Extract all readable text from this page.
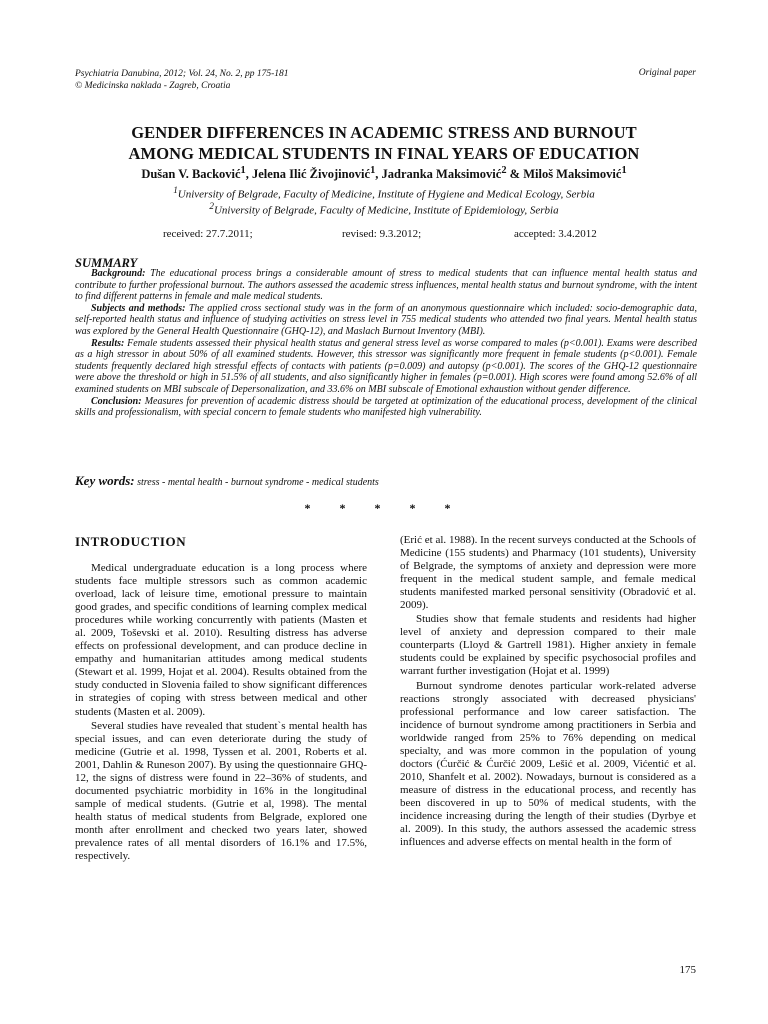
Psychiatria Danubina, 2012; Vol. 24, No. 2, pp 175-181
© Medicinska naklada - Zagreb, Croatia
Original paper
GENDER DIFFERENCES IN ACADEMIC STRESS AND BURNOUT
AMONG MEDICAL STUDENTS IN FINAL YEARS OF EDUCATION
Dušan V. Backović$^1$, Jelena Ilić Živojinović$^1$, Jadranka Maksimović$^2$ & Miloš Maksimović$^1$
$^1$University of Belgrade, Faculty of Medicine, Institute of Hygiene and Medical Ecology, Serbia
$^2$University of Belgrade, Faculty of Medicine, Institute of Epidemiology, Serbia
received: 27.7.2011;	revised: 9.3.2012;	accepted: 3.4.2012
SUMMARY

Background: The educational process brings a considerable amount of stress to medical students that can influence mental health status and contribute to further professional burnout. The authors assessed the academic stress influences, mental health status and burnout syndrome, with the intent to find different patterns in female and male medical students.

Subjects and methods: The applied cross sectional study was in the form of an anonymous questionnaire which included: socio-demographic data, self-reported health status and influence of studying activities on stress level in 755 medical students who attended two final years. Mental health status was explored by the General Health Questionnaire (GHQ-12), and Maslach Burnout Inventory (MBI).

Results: Female students assessed their physical health status and general stress level as worse compared to males (p<0.001). Exams were described as a high stressor in about 50% of all examined students. However, this stressor was significantly more frequent in female students (p<0.001). Female students frequently declared high stressful effects of contacts with patients (p=0.009) and autopsy (p<0.001). The scores of the GHQ-12 questionnaire were above the threshold or high in 51.5% of all students, and also significantly higher in females (p=0.001). High scores were found among 52.6% of all examined students on MBI subscale of Depersonalization, and 33.6% on MBI subscale of Emotional exhaustion without gender difference.

Conclusion: Measures for prevention of academic distress should be targeted at optimization of the educational process, development of the clinical skills and professionalism, with special concern to female students who manifested high vulnerability.

Key words: stress - mental health - burnout syndrome - medical students
* * * * *
INTRODUCTION

Medical undergraduate education is a long process where students face multiple stressors such as common academic overload, lack of leisure time, emotional pressure to maintain good grades, and specific conditions of learning complex medical procedures while working concurrently with patients (Masten et al. 2009, Toševski et al. 2010). Resulting distress has adverse effects on professional development, and can produce decline in empathy and humanitarian attitudes among medical students (Stewart et al. 1999, Hojat et al. 2004). Results obtained from the study conducted in Slovenia failed to show significant differences in strategies of coping with stress between medical and other students (Masten et al. 2009).

Several studies have revealed that student`s mental health has special issues, and can even deteriorate during the study of medicine (Gutrie et al. 1998, Tyssen et al. 2001, Roberts et al. 2001, Dahlin & Runeson 2007). By using the questionnaire GHQ-12, the signs of distress were found in 22–36% of students, and documented psychiatric morbidity in 16% in the longitudinal sample of medical students. (Gutrie et al, 1998). The mental health status of medical students from Belgrade, explored one month after enrollment and checked two years later, showed prevalence rates of all mental disorders of 16.1% and 17.5%, respectively.

(Erić et al. 1988). In the recent surveys conducted at the Schools of Medicine (155 students) and Pharmacy (101 students), University of Belgrade, the symptoms of anxiety and depression were more frequent in the medical student sample, and female medical students manifested marked personal sensitivity (Obradović et al. 2009).

Studies show that female students and residents had higher level of anxiety and depression compared to their male counterparts (Lloyd & Gartrell 1981). Higher anxiety in female students could be explained by specific psychosocial profiles and warrant further investigation (Hojat et al. 1999)

Burnout syndrome denotes particular work-related adverse reactions strongly associated with decreased physicians' professional performance and low career satisfaction. The incidence of burnout syndrome among practitioners in Serbia and worldwide ranged from 25% to 76% depending on medical specialty, and was more common in the population of young doctors (Ćurčić & Ćurčić 2009, Lešić et al. 2009, Vićentić et al. 2010, Shanfelt et al. 2002). Nowadays, burnout is considered as a measure of distress in the educational process, and recently has been discovered in up to 50% of medical students, with the incidence increasing during the length of their studies (Dyrbye et al. 2009). In this study, the authors assessed the academic stress influences and adverse effects on mental health in the form of

175
